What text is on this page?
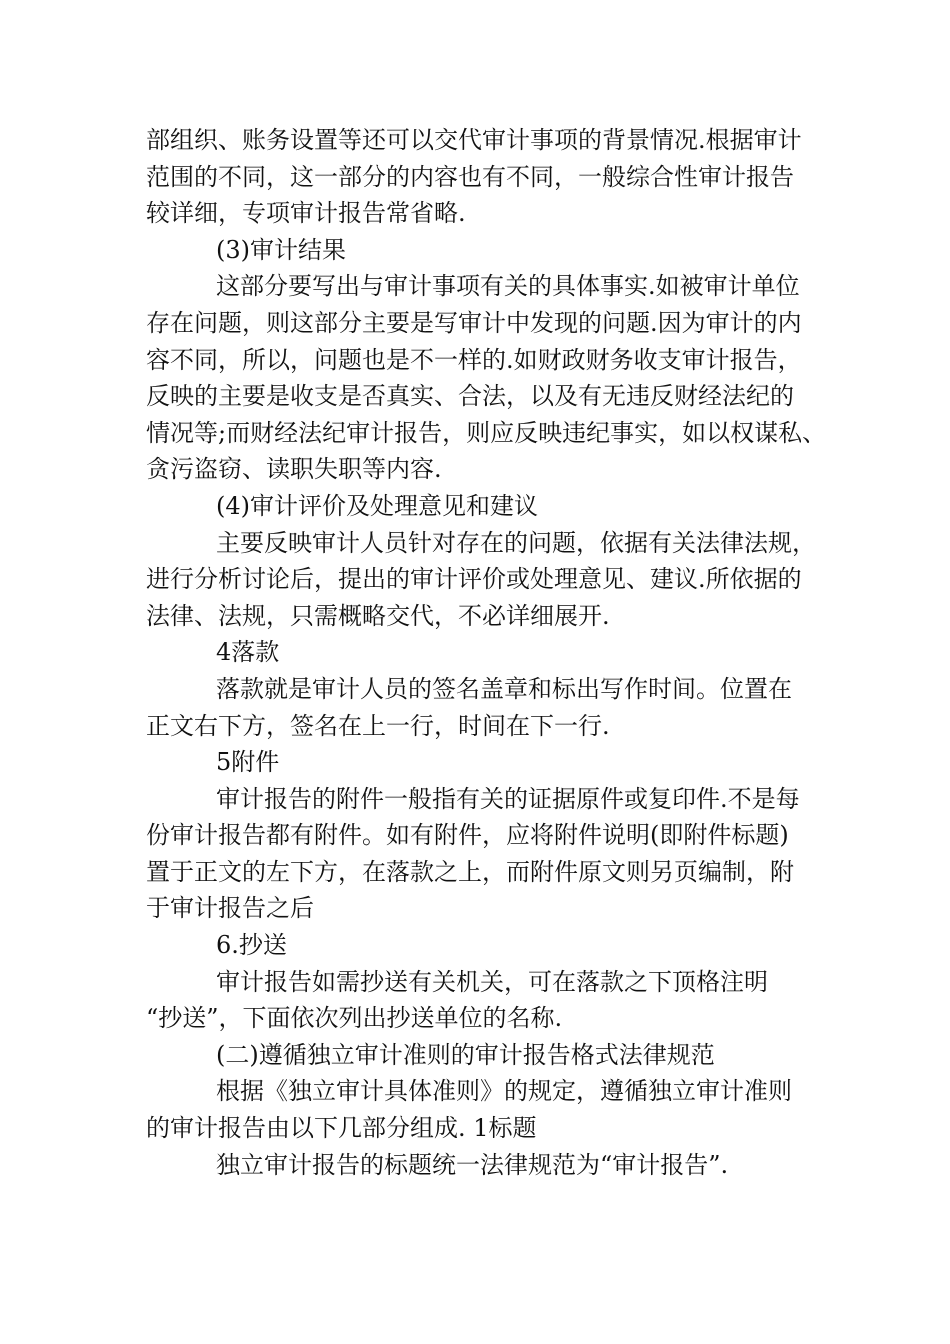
部组织、账务设置等还可以交代审计事项的背景情况.根据审计
范围的不同，这一部分的内容也有不同，一般综合性审计报告
较详细，专项审计报告常省略.
(3)审计结果
这部分要写出与审计事项有关的具体事实.如被审计单位
存在问题，则这部分主要是写审计中发现的问题.因为审计的内
容不同，所以，问题也是不一样的.如财政财务收支审计报告，
反映的主要是收支是否真实、合法，以及有无违反财经法纪的
情况等;而财经法纪审计报告，则应反映违纪事实，如以权谋私、
贪污盗窃、读职失职等内容.
(4)审计评价及处理意见和建议
主要反映审计人员针对存在的问题，依据有关法律法规，
进行分析讨论后，提出的审计评价或处理意见、建议.所依据的
法律、法规，只需概略交代，不必详细展开.
4落款
落款就是审计人员的签名盖章和标出写作时间。位置在
正文右下方，签名在上一行，时间在下一行.
5附件
审计报告的附件一般指有关的证据原件或复印件.不是每
份审计报告都有附件。如有附件，应将附件说明(即附件标题)
置于正文的左下方，在落款之上，而附件原文则另页编制，附
于审计报告之后
6.抄送
审计报告如需抄送有关机关，可在落款之下顶格注明
“抄送”，下面依次列出抄送单位的名称.
(二)遵循独立审计准则的审计报告格式法律规范
根据《独立审计具体准则》的规定，遵循独立审计准则
的审计报告由以下几部分组成. 1标题
独立审计报告的标题统一法律规范为“审计报告”.
